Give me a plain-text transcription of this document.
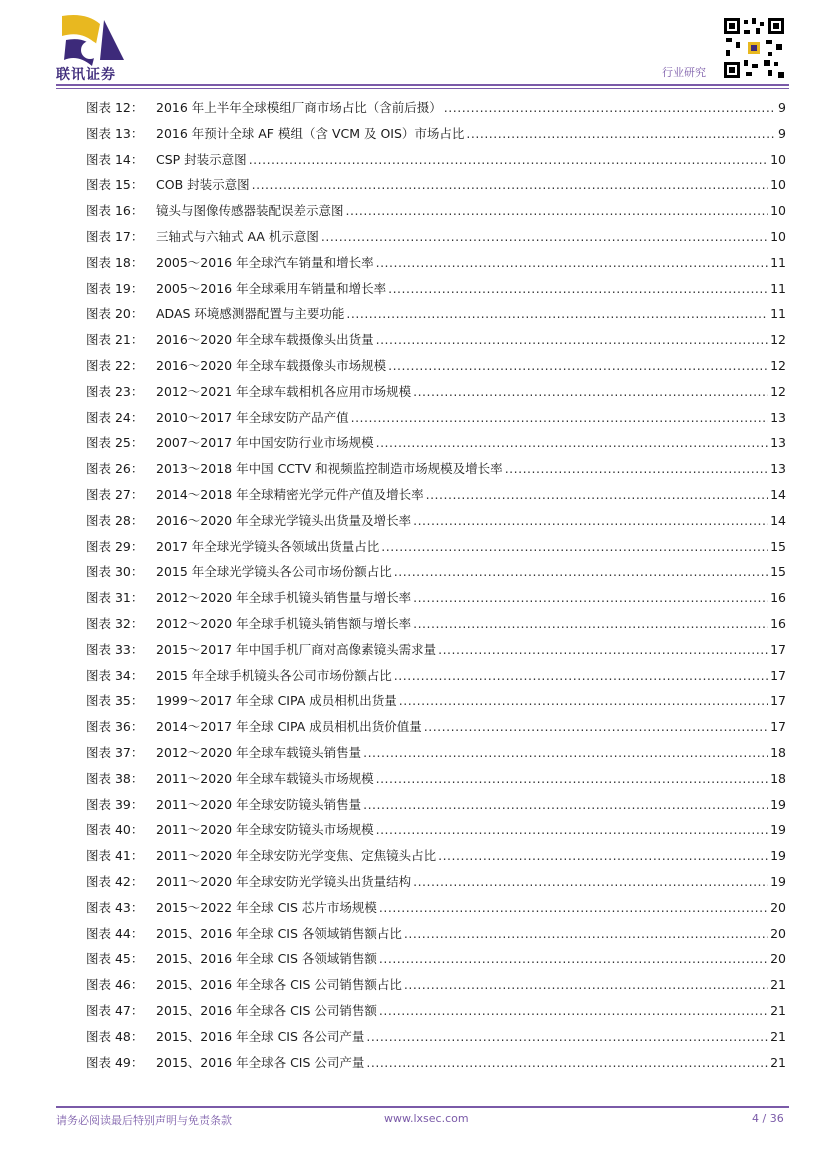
联讯证券	行业研究
图表 12：	2016 年上半年全球模组厂商市场占比（含前后摄） .....	9
图表 13：	2016 年预计全球 AF 模组（含 VCM 及 OIS）市场占比 .....	9
图表 14：	CSP 封装示意图 .....	10
图表 15：	COB 封装示意图 .....	10
图表 16：	镜头与图像传感器装配误差示意图 .....	10
图表 17：	三轴式与六轴式 AA 机示意图 .....	10
图表 18：	2005～2016 年全球汽车销量和增长率 .....	11
图表 19：	2005～2016 年全球乘用车销量和增长率 .....	11
图表 20：	ADAS 环境感测器配置与主要功能 .....	11
图表 21：	2016～2020 年全球车载摄像头出货量 .....	12
图表 22：	2016～2020 年全球车载摄像头市场规模 .....	12
图表 23：	2012～2021 年全球车载相机各应用市场规模 .....	12
图表 24：	2010～2017 年全球安防产品产值 .....	13
图表 25：	2007～2017 年中国安防行业市场规模 .....	13
图表 26：	2013～2018 年中国 CCTV 和视频监控制造市场规模及增长率 .....	13
图表 27：	2014～2018 年全球精密光学元件产值及增长率 .....	14
图表 28：	2016～2020 年全球光学镜头出货量及增长率 .....	14
图表 29：	2017 年全球光学镜头各领域出货量占比 .....	15
图表 30：	2015 年全球光学镜头各公司市场份额占比 .....	15
图表 31：	2012～2020 年全球手机镜头销售量与增长率 .....	16
图表 32：	2012～2020 年全球手机镜头销售额与增长率 .....	16
图表 33：	2015～2017 年中国手机厂商对高像素镜头需求量 .....	17
图表 34：	2015 年全球手机镜头各公司市场份额占比 .....	17
图表 35：	1999～2017 年全球 CIPA 成员相机出货量 .....	17
图表 36：	2014～2017 年全球 CIPA 成员相机出货价值量 .....	17
图表 37：	2012～2020 年全球车载镜头销售量 .....	18
图表 38：	2011～2020 年全球车载镜头市场规模 .....	18
图表 39：	2011～2020 年全球安防镜头销售量 .....	19
图表 40：	2011～2020 年全球安防镜头市场规模 .....	19
图表 41：	2011～2020 年全球安防光学变焦、定焦镜头占比 .....	19
图表 42：	2011～2020 年全球安防光学镜头出货量结构 .....	19
图表 43：	2015～2022 年全球 CIS 芯片市场规模 .....	20
图表 44：	2015、2016 年全球 CIS 各领域销售额占比 .....	20
图表 45：	2015、2016 年全球 CIS 各领域销售额 .....	20
图表 46：	2015、2016 年全球各 CIS 公司销售额占比 .....	21
图表 47：	2015、2016 年全球各 CIS 公司销售额 .....	21
图表 48：	2015、2016 年全球 CIS 各公司产量 .....	21
图表 49：	2015、2016 年全球各 CIS 公司产量 .....	21
请务必阅读最后特别声明与免责条款	www.lxsec.com	4 / 36
